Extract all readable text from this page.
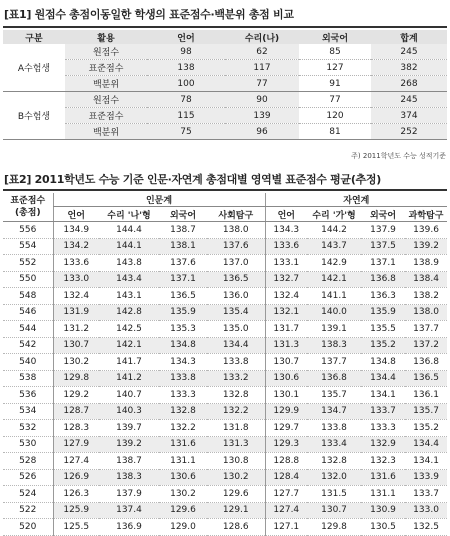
[표1] 원점수 총점이동일한 학생의 표준점수·백분위 총점 비교
구분	활용	언어	수리(나)	외국어	합계
A수험생	원점수	98	62	85	245
	표준점수	138	117	127	382
	백분위	100	77	91	268
B수험생	원점수	78	90	77	245
	표준점수	115	139	120	374
	백분위	75	96	81	252
주) 2011학년도 수능 성적기준
[표2] 2011학년도 수능 기준 인문·자연계 총점대별 영역별 표준점수 평균(추정)
표준점수
(총점)	인문계				자연계			
	언어	수리 '나'형	외국어	사회탐구	언어	수리 '가'형	외국어	과학탐구
556	134.9	144.4	138.7	138.0	134.3	144.2	137.9	139.6
554	134.2	144.1	138.1	137.6	133.6	143.7	137.5	139.2
552	133.6	143.8	137.6	137.0	133.1	142.9	137.1	138.9
550	133.0	143.4	137.1	136.5	132.7	142.1	136.8	138.4
548	132.4	143.1	136.5	136.0	132.4	141.1	136.3	138.2
546	131.9	142.8	135.9	135.4	132.1	140.0	135.9	138.0
544	131.2	142.5	135.3	135.0	131.7	139.1	135.5	137.7
542	130.7	142.1	134.8	134.4	131.3	138.3	135.2	137.2
540	130.2	141.7	134.3	133.8	130.7	137.7	134.8	136.8
538	129.8	141.2	133.8	133.2	130.6	136.8	134.4	136.5
536	129.2	140.7	133.3	132.8	130.1	135.7	134.1	136.1
534	128.7	140.3	132.8	132.2	129.9	134.7	133.7	135.7
532	128.3	139.7	132.2	131.8	129.7	133.8	133.3	135.2
530	127.9	139.2	131.6	131.3	129.3	133.4	132.9	134.4
528	127.4	138.7	131.1	130.8	128.8	132.8	132.3	134.1
526	126.9	138.3	130.6	130.2	128.4	132.0	131.6	133.9
524	126.3	137.9	130.2	129.6	127.7	131.5	131.1	133.7
522	125.9	137.4	129.6	129.1	127.4	130.7	130.9	133.0
520	125.5	136.9	129.0	128.6	127.1	129.8	130.5	132.5
